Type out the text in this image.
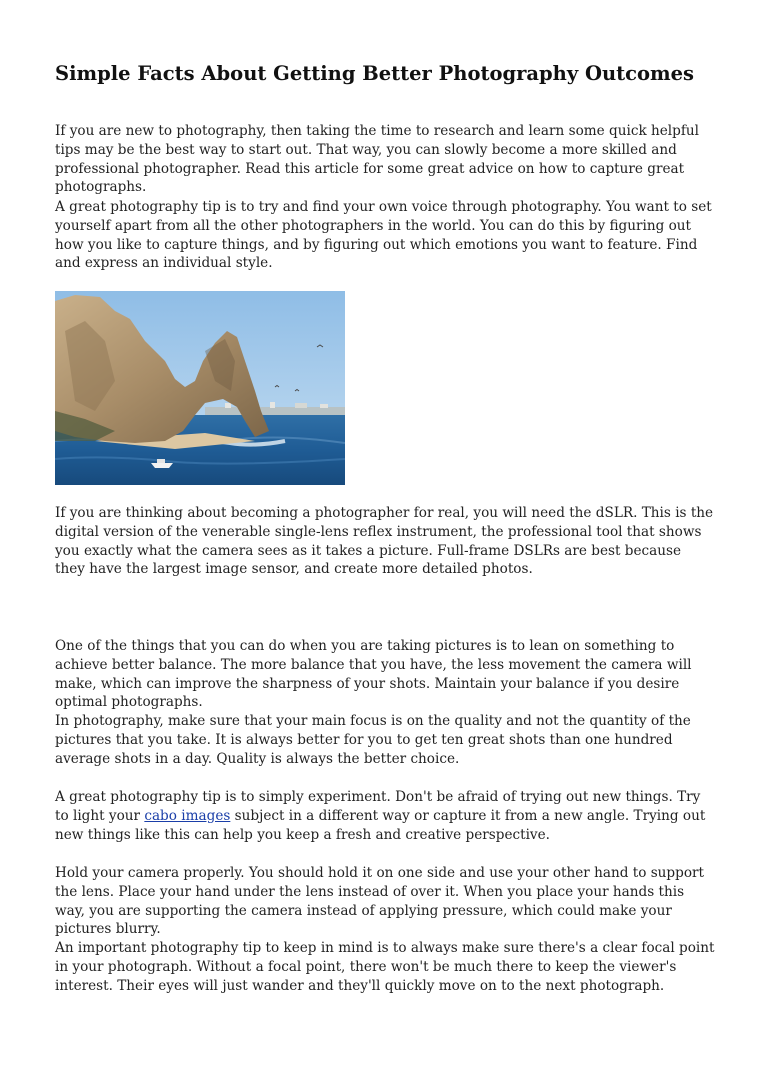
Simple Facts About Getting Better Photography Outcomes

If you are new to photography, then taking the time to research and learn some quick helpful tips may be the best way to start out. That way, you can slowly become a more skilled and professional photographer. Read this article for some great advice on how to capture great photographs.

A great photography tip is to try and find your own voice through photography. You want to set yourself apart from all the other photographers in the world. You can do this by figuring out how you like to capture things, and by figuring out which emotions you want to feature. Find and express an individual style.

If you are thinking about becoming a photographer for real, you will need the dSLR. This is the digital version of the venerable single-lens reflex instrument, the professional tool that shows you exactly what the camera sees as it takes a picture. Full-frame DSLRs are best because they have the largest image sensor, and create more detailed photos.

One of the things that you can do when you are taking pictures is to lean on something to achieve better balance. The more balance that you have, the less movement the camera will make, which can improve the sharpness of your shots. Maintain your balance if you desire optimal photographs.

In photography, make sure that your main focus is on the quality and not the quantity of the pictures that you take. It is always better for you to get ten great shots than one hundred average shots in a day. Quality is always the better choice.

A great photography tip is to simply experiment. Don't be afraid of trying out new things. Try to light your cabo images subject in a different way or capture it from a new angle. Trying out new things like this can help you keep a fresh and creative perspective.

Hold your camera properly. You should hold it on one side and use your other hand to support the lens. Place your hand under the lens instead of over it. When you place your hands this way, you are supporting the camera instead of applying pressure, which could make your pictures blurry.

An important photography tip to keep in mind is to always make sure there's a clear focal point in your photograph. Without a focal point, there won't be much there to keep the viewer's interest. Their eyes will just wander and they'll quickly move on to the next photograph.
